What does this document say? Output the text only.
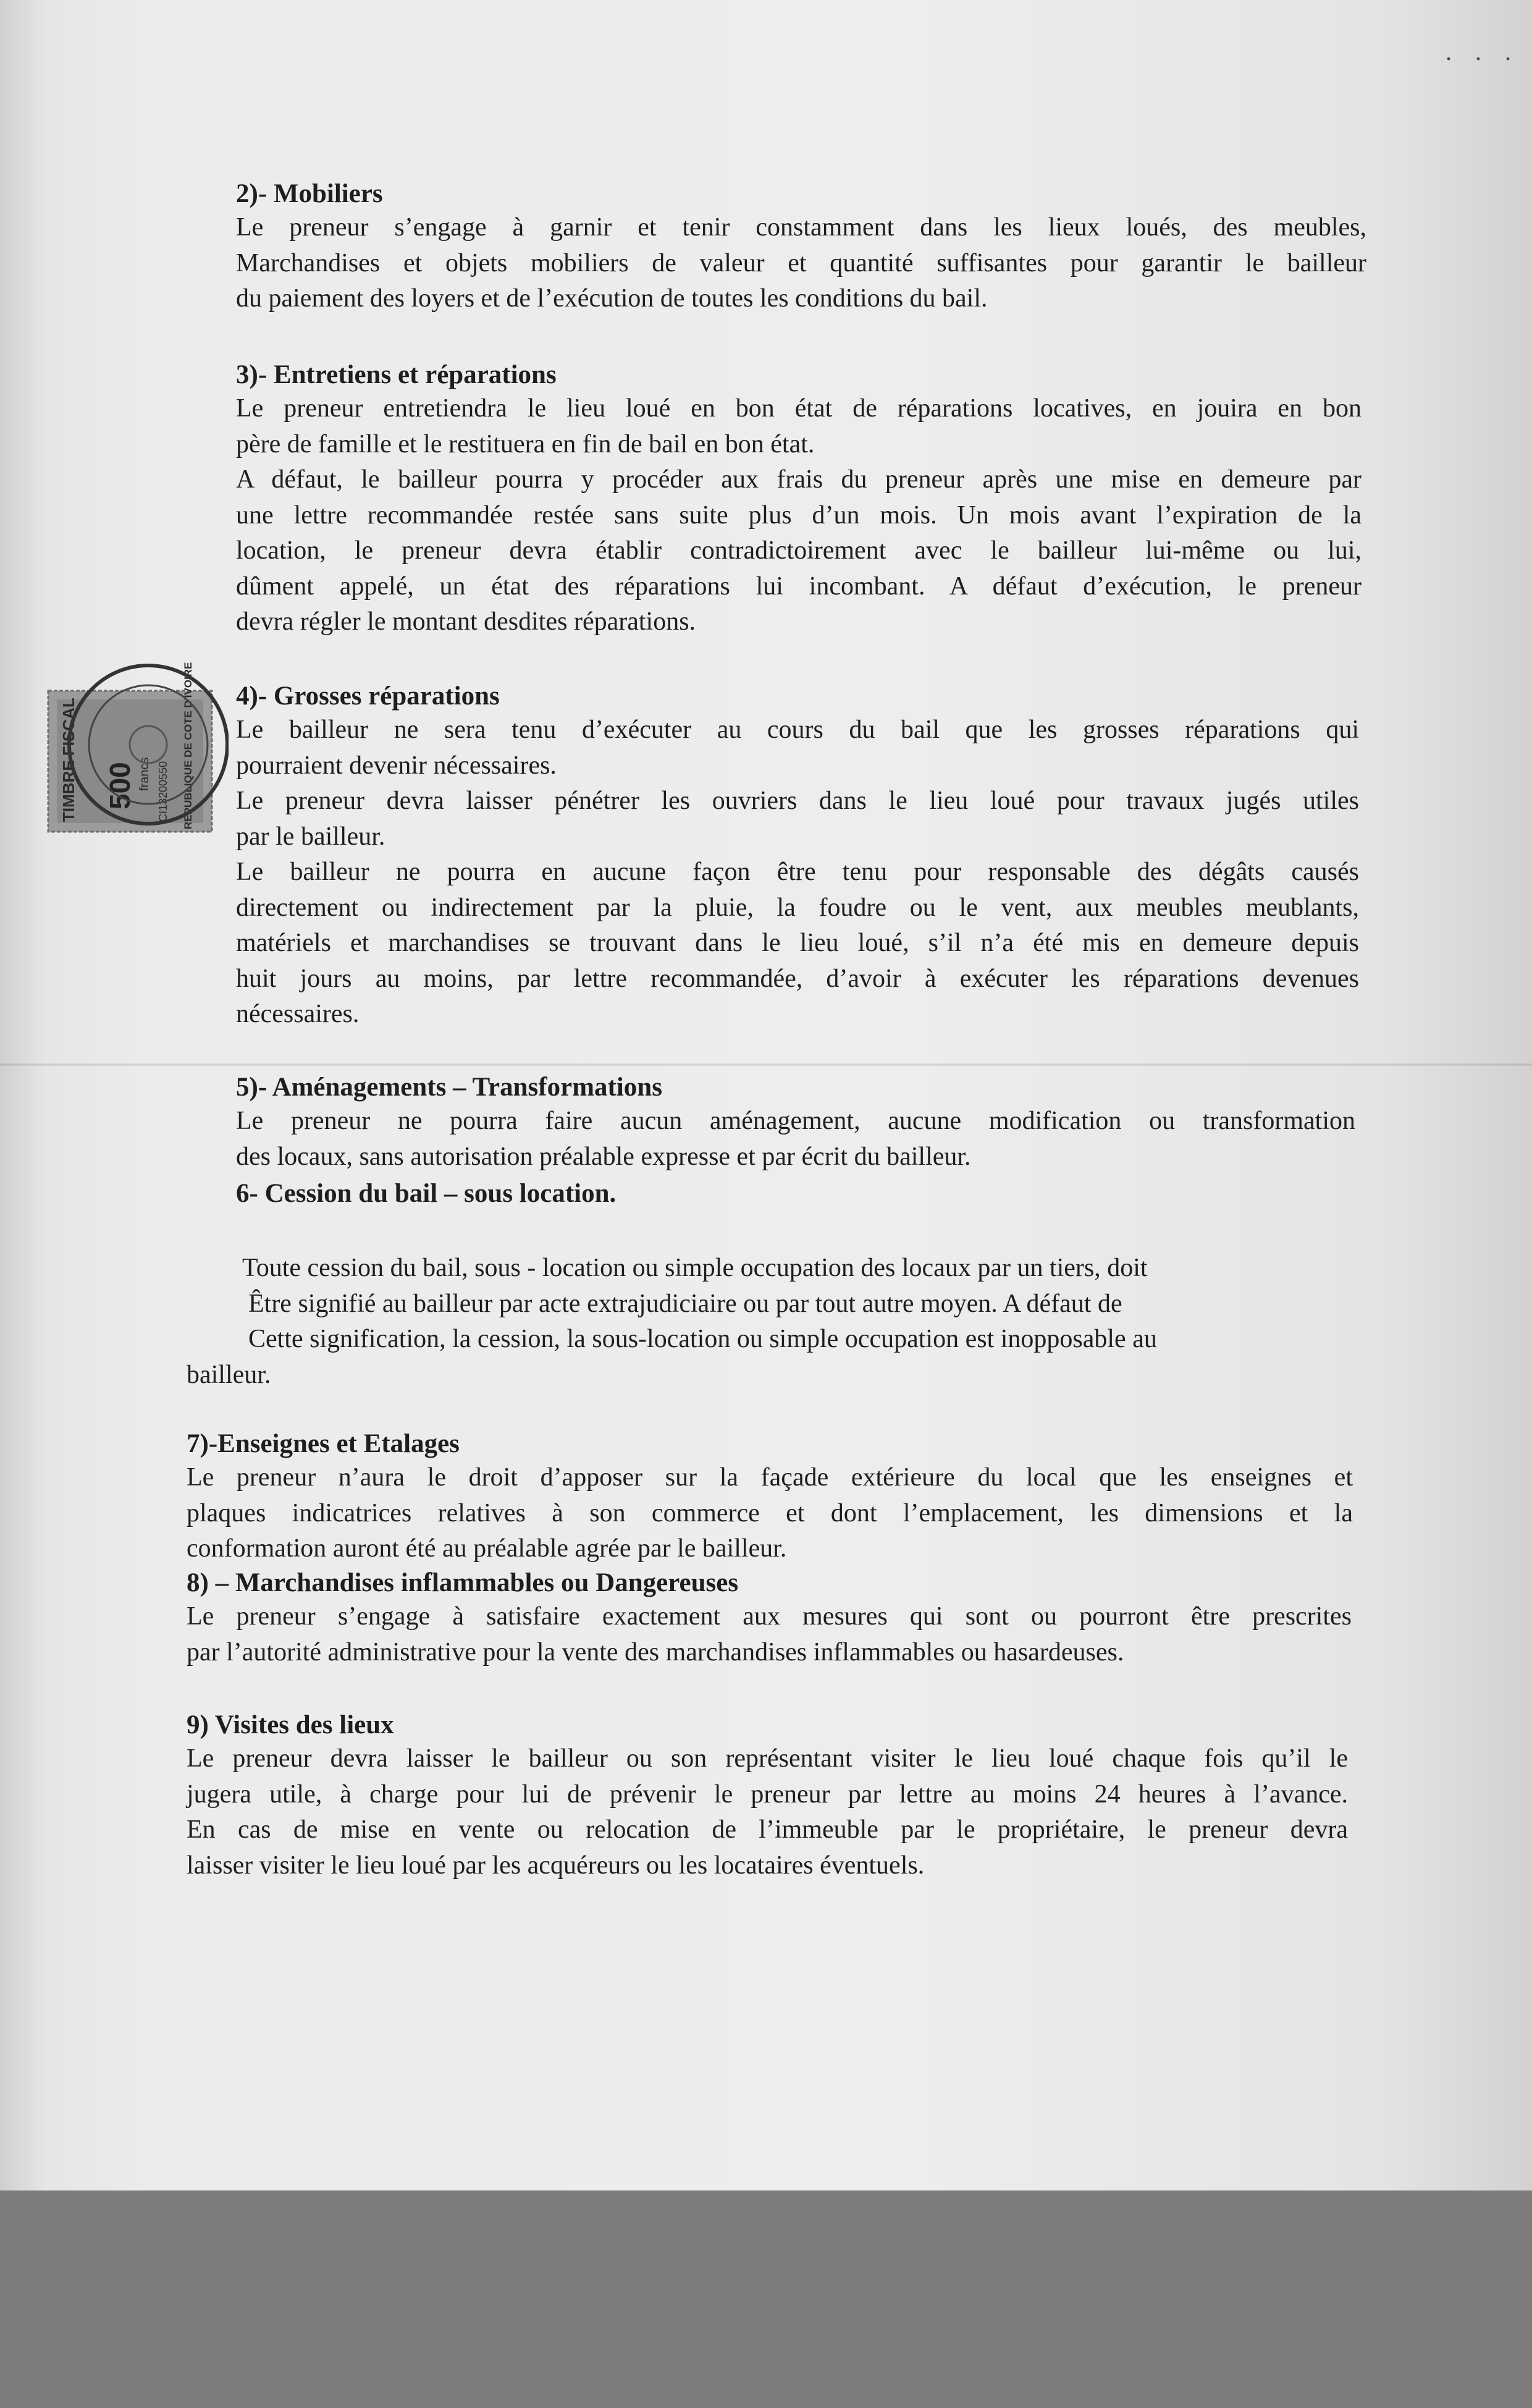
. . .
2)- Mobiliers
Le preneur s’engage à garnir et tenir constamment dans les lieux loués, des meubles,
Marchandises et objets mobiliers de valeur et quantité suffisantes pour garantir le bailleur
du paiement des loyers et de l’exécution de toutes les conditions du bail.
3)- Entretiens et réparations
Le preneur entretiendra le lieu loué en bon état de réparations locatives, en jouira en bon
père de famille et le restituera en fin de bail en bon état.
A défaut, le bailleur pourra y procéder aux frais du preneur après une mise en demeure par
une lettre recommandée restée sans suite plus d’un mois. Un mois avant l’expiration de la
location, le preneur devra établir contradictoirement avec le bailleur lui-même ou lui,
dûment appelé, un état des réparations lui incombant. A défaut d’exécution, le preneur
devra régler le montant desdites réparations.
4)- Grosses réparations
Le bailleur ne sera tenu d’exécuter au cours du bail que les grosses réparations qui
pourraient devenir nécessaires.
Le preneur devra laisser pénétrer les ouvriers dans le lieu loué pour travaux jugés utiles
par le bailleur.
Le bailleur ne pourra en aucune façon être tenu pour responsable des dégâts causés
directement ou indirectement par la pluie, la foudre ou le vent, aux meubles meublants,
matériels et marchandises se trouvant dans le lieu loué, s’il n’a été mis en demeure depuis
huit jours au moins, par lettre recommandée, d’avoir à exécuter les réparations devenues
nécessaires.
5)- Aménagements – Transformations
Le preneur ne pourra faire aucun aménagement, aucune modification ou transformation
des locaux, sans autorisation préalable expresse et par écrit du bailleur.
6- Cession du bail – sous location.
Toute cession du bail, sous - location ou simple occupation des locaux par un tiers, doit
Être signifié au bailleur par acte extrajudiciaire ou par tout autre moyen. A défaut de
Cette signification, la cession, la sous-location ou simple occupation est inopposable au
bailleur.
7)-Enseignes et Etalages
Le preneur n’aura le droit d’apposer sur la façade extérieure du local que les enseignes et
plaques indicatrices relatives à son commerce et dont l’emplacement, les dimensions et la
conformation auront été au préalable agrée par le bailleur.
8) – Marchandises inflammables ou Dangereuses
Le preneur s’engage à satisfaire exactement aux mesures qui sont ou pourront être prescrites
par l’autorité administrative pour la vente des marchandises inflammables ou hasardeuses.
9) Visites des lieux
Le preneur devra laisser le bailleur ou son représentant visiter le lieu loué chaque fois qu’il le
jugera utile, à charge pour lui de prévenir le preneur par lettre au moins 24 heures à l’avance.
En cas de mise en vente ou relocation de l’immeuble par le propriétaire, le preneur devra
laisser visiter le lieu loué par les acquéreurs ou les locataires éventuels.
TIMBRE FISCAL 500 francs CI13200550 REPUBLIQUE DE COTE D'IVOIRE
